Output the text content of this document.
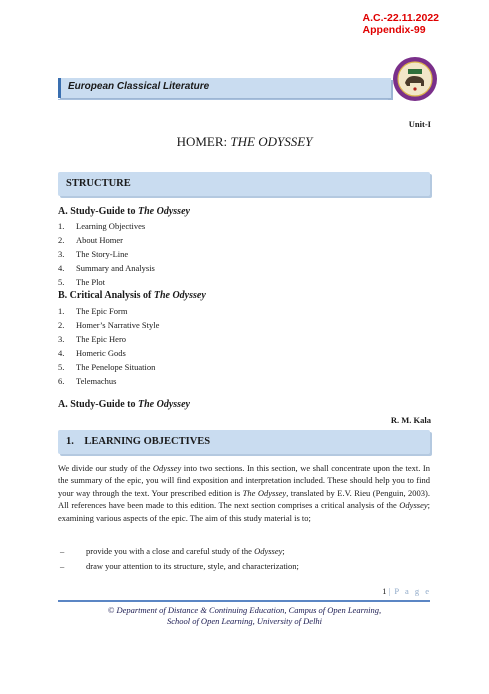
A.C.-22.11.2022
Appendix-99
European Classical Literature
Unit-I
HOMER: THE ODYSSEY
STRUCTURE
A. Study-Guide to The Odyssey
1. Learning Objectives
2. About Homer
3. The Story-Line
4. Summary and Analysis
5. The Plot
B. Critical Analysis of The Odyssey
1. The Epic Form
2. Homer’s Narrative Style
3. The Epic Hero
4. Homeric Gods
5. The Penelope Situation
6. Telemachus
A. Study-Guide to The Odyssey
R. M. Kala
1.    LEARNING OBJECTIVES

We divide our study of the Odyssey into two sections. In this section, we shall concentrate upon the text. In the summary of the epic, you will find exposition and interpretation included. These should help you to find your way through the text. Your prescribed edition is The Odyssey, translated by E.V. Rieu (Penguin, 2003). All references have been made to this edition. The next section comprises a critical analysis of the Odyssey; examining various aspects of the epic. The aim of this study material is to;

–	provide you with a close and careful study of the Odyssey;
–	draw your attention to its structure, style, and characterization;
1 | P a g e
© Department of Distance & Continuing Education, Campus of Open Learning,
School of Open Learning, University of Delhi
